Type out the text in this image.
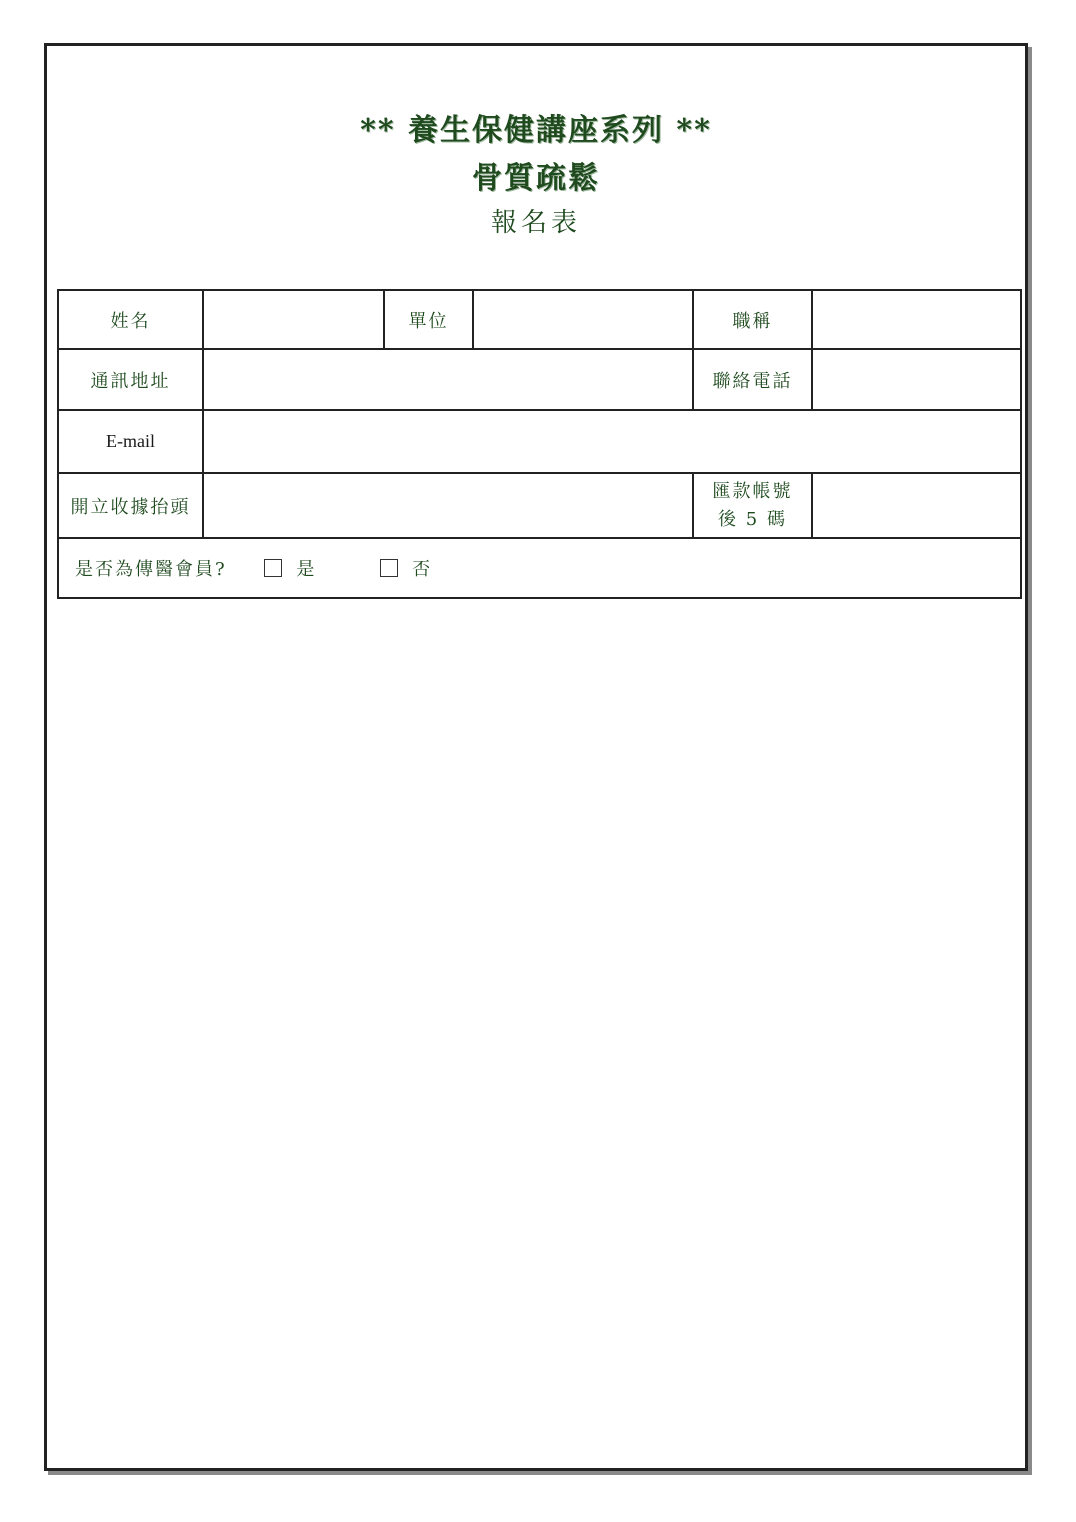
** 養生保健講座系列 **
骨質疏鬆
報名表
姓名		單位		職稱	
通訊地址				聯絡電話	
E-mail					
開立收據抬頭				匯款帳號
後 5 碼	

是否為傳醫會員? 是 否					
